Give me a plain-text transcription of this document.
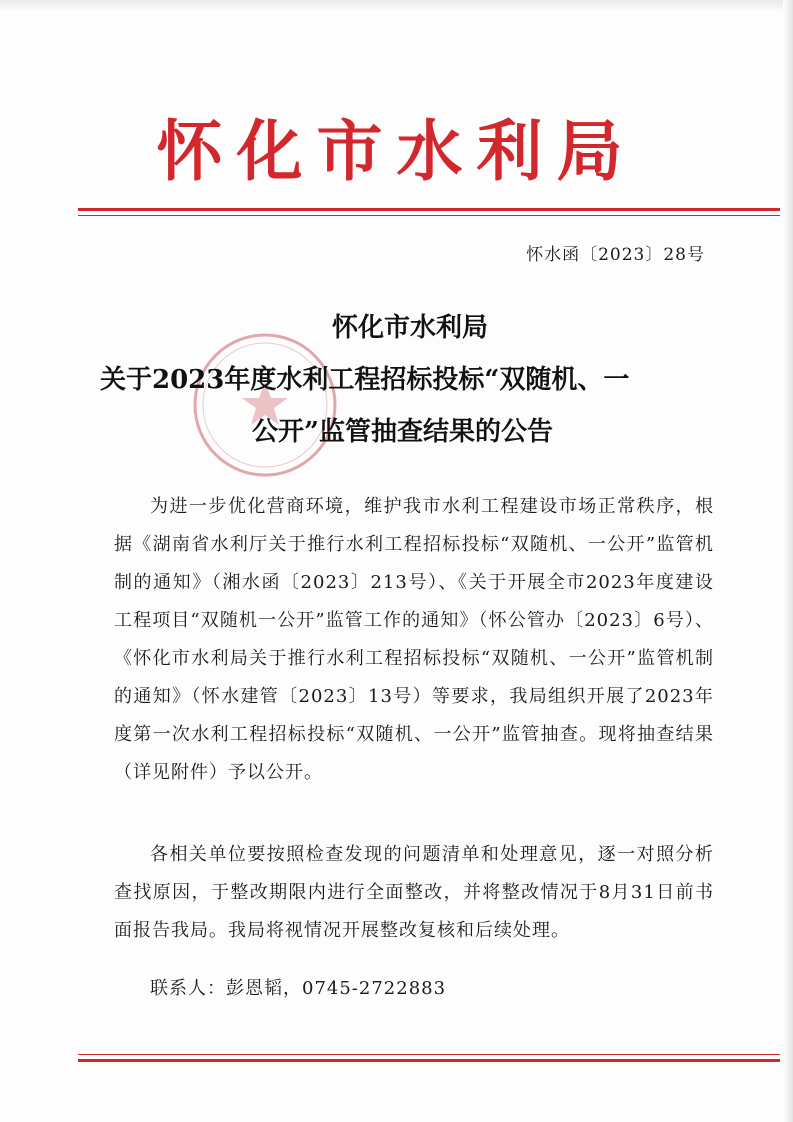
怀化市水利局
怀水函〔2023〕28号
怀化市水利局
关于2023年度水利工程招标投标“双随机、一
公开”监管抽查结果的公告

为进一步优化营商环境，维护我市水利工程建设市场正常秩序，根据《湖南省水利厅关于推行水利工程招标投标“双随机、一公开”监管机制的通知》（湘水函〔2023〕213号）、《关于开展全市2023年度建设工程项目“双随机一公开”监管工作的通知》（怀公管办〔2023〕6号）、《怀化市水利局关于推行水利工程招标投标“双随机、一公开”监管机制的通知》（怀水建管〔2023〕13号）等要求，我局组织开展了2023年度第一次水利工程招标投标“双随机、一公开”监管抽查。现将抽查结果（详见附件）予以公开。

各相关单位要按照检查发现的问题清单和处理意见，逐一对照分析查找原因，于整改期限内进行全面整改，并将整改情况于8月31日前书面报告我局。我局将视情况开展整改复核和后续处理。

联系人：彭恩韬，0745-2722883
